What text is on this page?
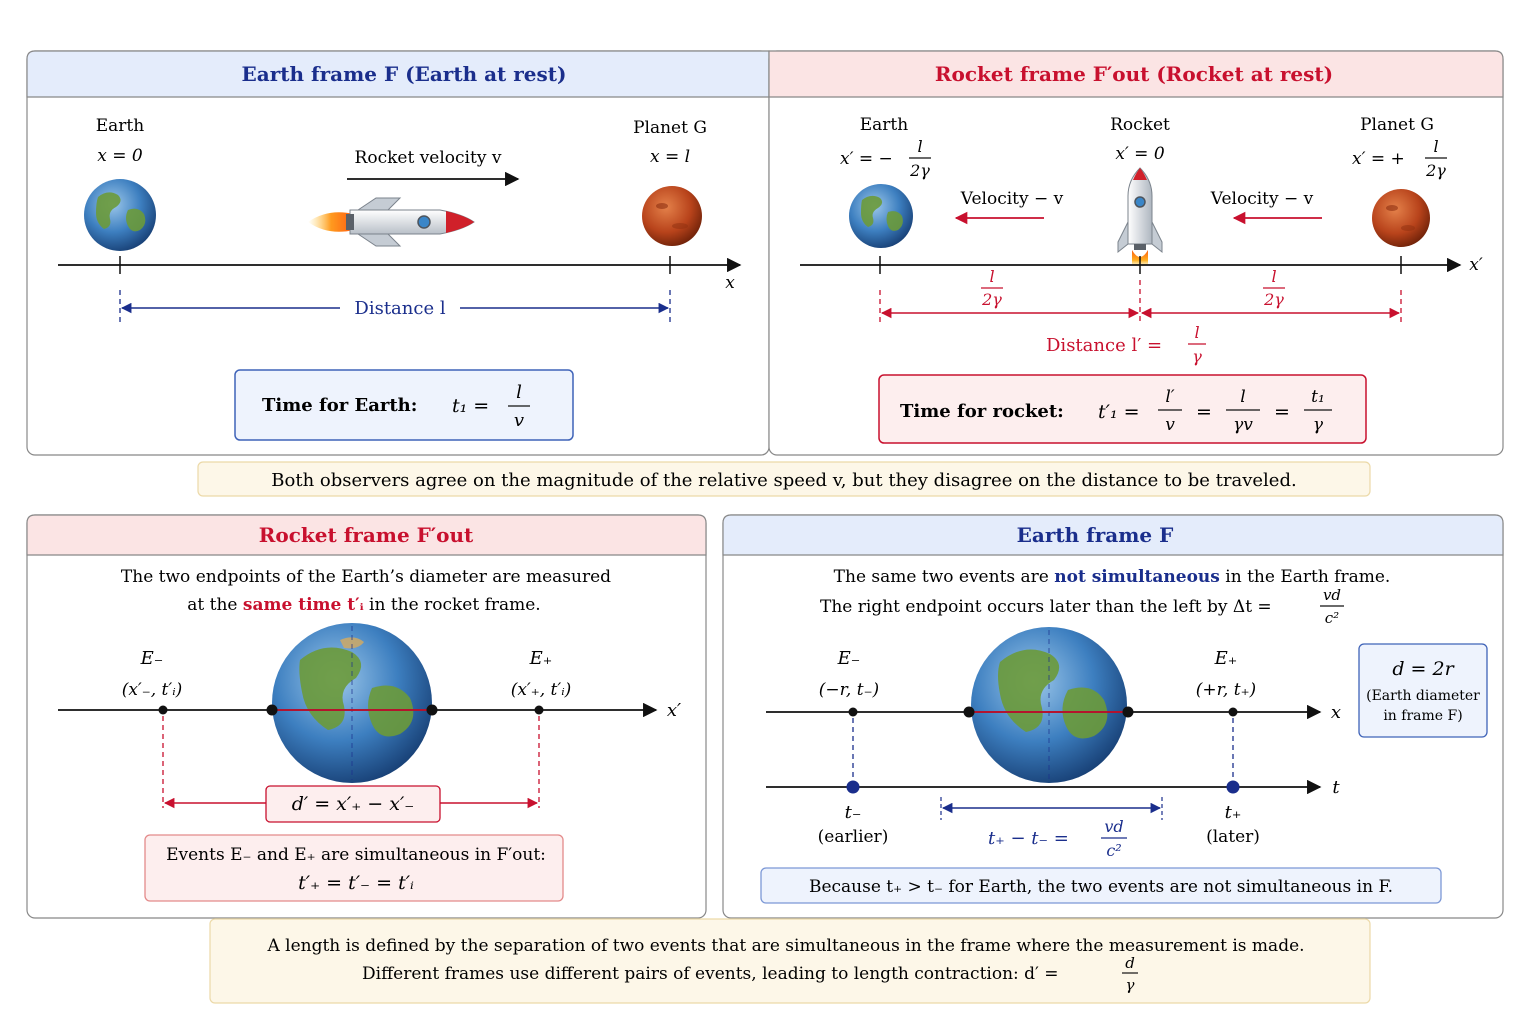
Earth frame F (Earth at rest)
Earth
x = 0
Planet G
x = l
Rocket velocity v
x
Distance l
Time for Earth: t₁ =
l
v
Rocket frame F′out (Rocket at rest)
Earth
x′ = −
l
2γ
Rocket
x′ = 0
Planet G
x′ = +
l
2γ
Velocity − v	Velocity − v
x′
l
2γ
l
2γ
Distance l′ =
l
γ
Time for rocket: t′₁ =
l′
v
=
l
γv
=
t₁
γ
Both observers agree on the magnitude of the relative speed v, but they disagree on the distance to be traveled.
Rocket frame F′out
The two endpoints of the Earth’s diameter are measured
at the same time t′ᵢ in the rocket frame.
x′
E₋
(x′₋, t′ᵢ)
E₊
(x′₊, t′ᵢ)
d′ = x′₊ − x′₋
Events E₋ and E₊ are simultaneous in F′out:
t′₊ = t′₋ = t′ᵢ
Earth frame F
The same two events are not simultaneous in the Earth frame.
The right endpoint occurs later than the left by Δt =
vd
c²
x
E₋
(−r, t₋)
E₊
(+r, t₊)
t
t₋
(earlier)
t₊
(later)
t₊ − t₋ =
vd
c²
d = 2r
(Earth diameter
in frame F)
Because t₊ > t₋ for Earth, the two events are not simultaneous in F.
A length is defined by the separation of two events that are simultaneous in the frame where the measurement is made.
Different frames use different pairs of events, leading to length contraction: d′ =
d
γ
